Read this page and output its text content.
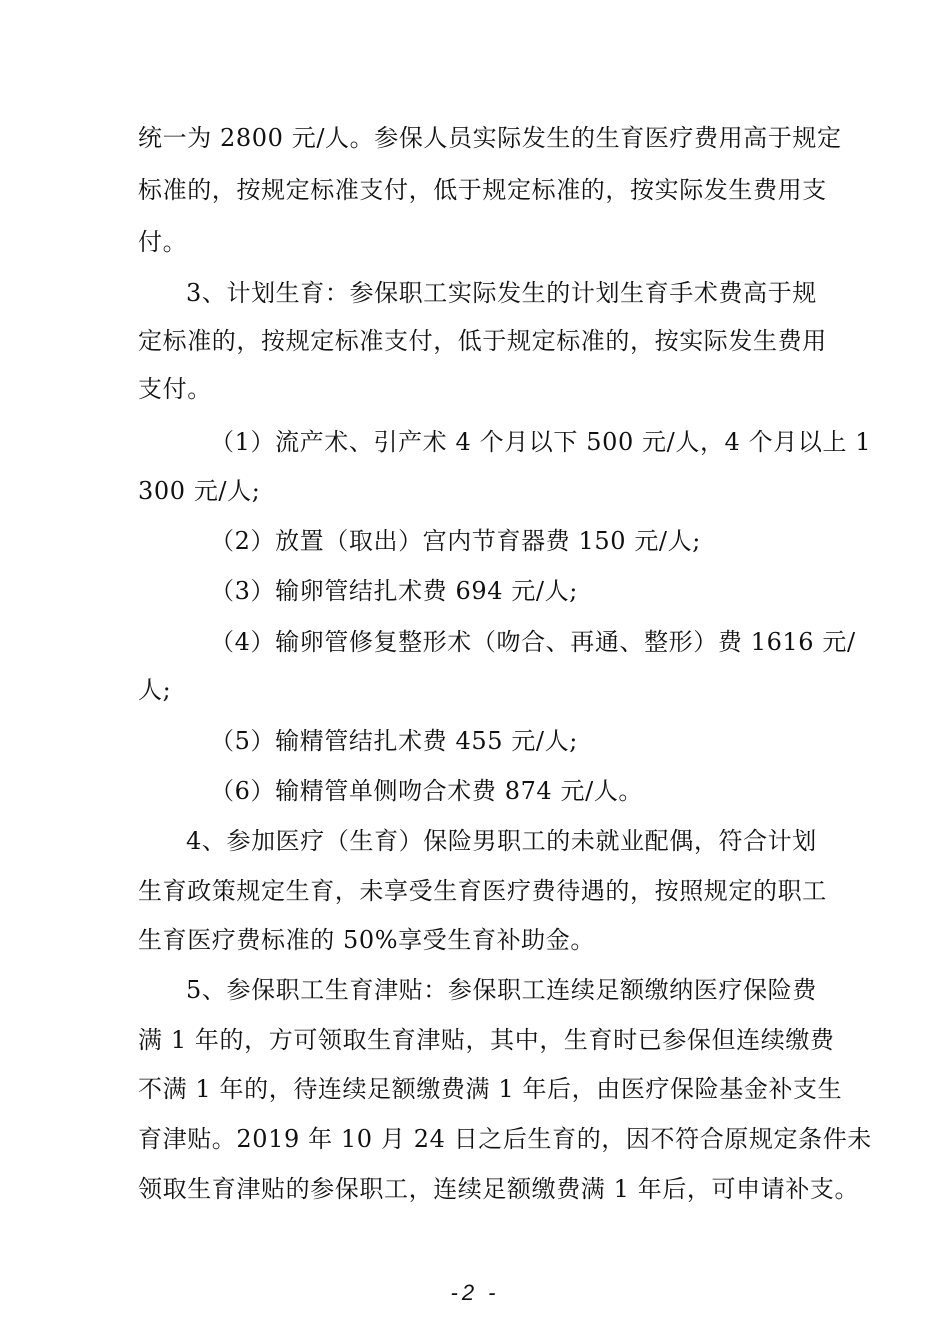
统一为 2800 元/人。参保人员实际发生的生育医疗费用高于规定
标准的，按规定标准支付，低于规定标准的，按实际发生费用支
付。
3、计划生育：参保职工实际发生的计划生育手术费高于规
定标准的，按规定标准支付，低于规定标准的，按实际发生费用
支付。
（1）流产术、引产术 4 个月以下 500 元/人，4 个月以上 1
300 元/人;
（2）放置（取出）宫内节育器费 150 元/人;
（3）输卵管结扎术费 694 元/人;
（4）输卵管修复整形术（吻合、再通、整形）费 1616 元/
人;
（5）输精管结扎术费 455 元/人;
（6）输精管单侧吻合术费 874 元/人。
4、参加医疗（生育）保险男职工的未就业配偶，符合计划
生育政策规定生育，未享受生育医疗费待遇的，按照规定的职工
生育医疗费标准的 50%享受生育补助金。
5、参保职工生育津贴：参保职工连续足额缴纳医疗保险费
满 1 年的，方可领取生育津贴，其中，生育时已参保但连续缴费
不满 1 年的，待连续足额缴费满 1 年后，由医疗保险基金补支生
育津贴。2019 年 10 月 24 日之后生育的，因不符合原规定条件未
领取生育津贴的参保职工，连续足额缴费满 1 年后，可申请补支。
-2 -
